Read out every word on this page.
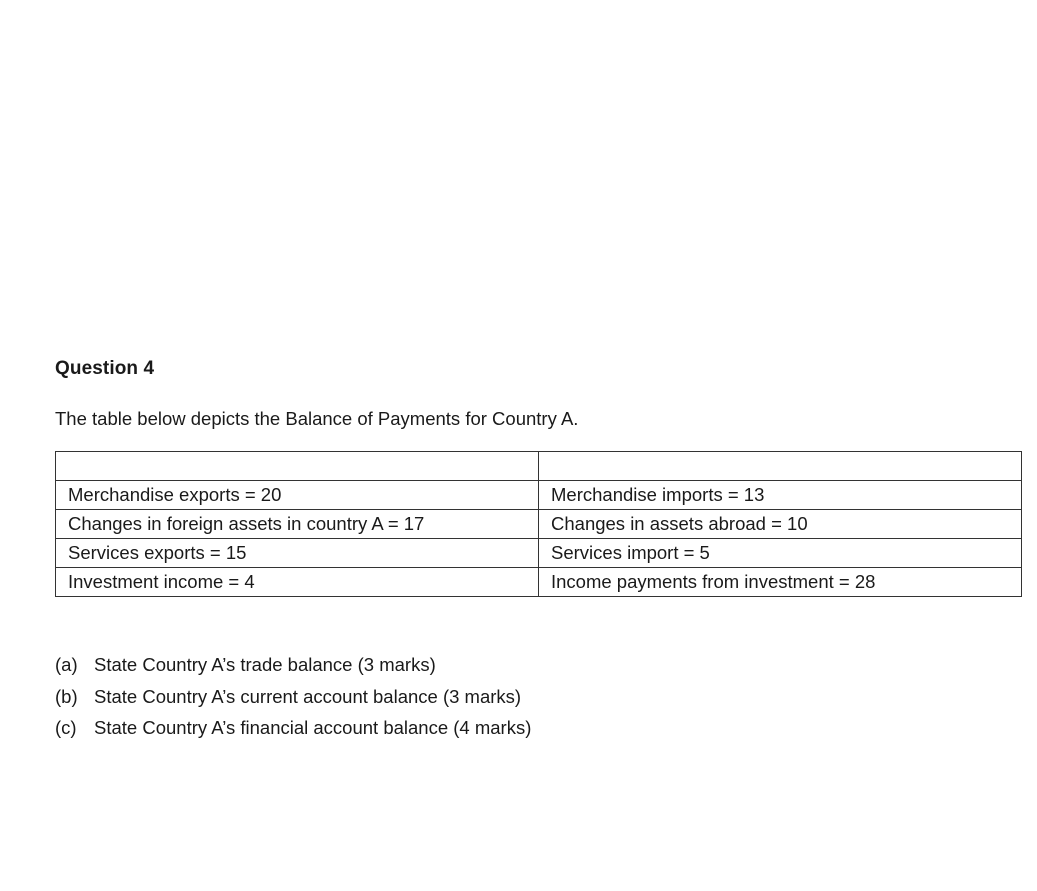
Question 4

The table below depicts the Balance of Payments for Country A.

Merchandise exports = 20	Merchandise imports = 13
Changes in foreign assets in country A = 17	Changes in assets abroad = 10
Services exports = 15	Services import = 5
Investment income = 4	Income payments from investment = 28
(a) State Country A’s trade balance (3 marks)
(b) State Country A’s current account balance (3 marks)
(c) State Country A’s financial account balance (4 marks)
